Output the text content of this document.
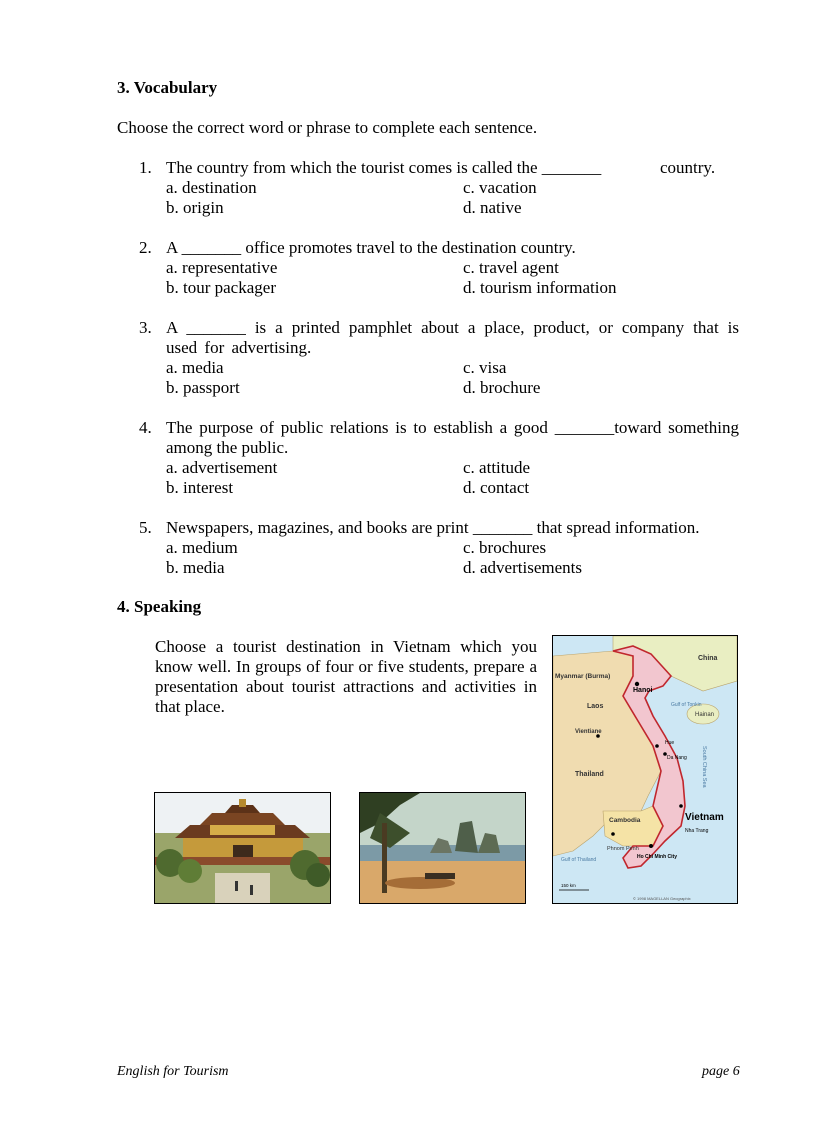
3. Vocabulary
Choose the correct word or phrase to complete each sentence.
1. The country from which the tourist comes is called the _______	country.
a. destination	c. vacation
b. origin	d. native
2. A _______ office promotes travel to the destination country.
a. representative	c. travel agent
b. tour packager	d. tourism information
3. A _______ is a printed pamphlet about a place, product, or company that is used for advertising.
a. media	c. visa
b. passport	d. brochure
4. The purpose of public relations is to establish a good _______toward something among the public.
a. advertisement	c. attitude
b. interest	d. contact
5. Newspapers, magazines, and books are print _______ that spread information.
a. medium	c. brochures
b. media	d. advertisements
4. Speaking
Choose a tourist destination in Vietnam which you know well. In groups of four or five students, prepare a presentation about tourist attractions and activities in that place.
China
Myanmar (Burma)
Laos
Vientiane
Thailand
Cambodia
Phnom Penh
Hanoi
Hainan
Gulf of Tonkin
South China Sea
Hue
Da Nang
Vietnam
Nha Trang
Ho Chi Minh City
Gulf of Thailand
150 km
© 1998 MAGELLAN Geographix
English for Tourism	page 6
